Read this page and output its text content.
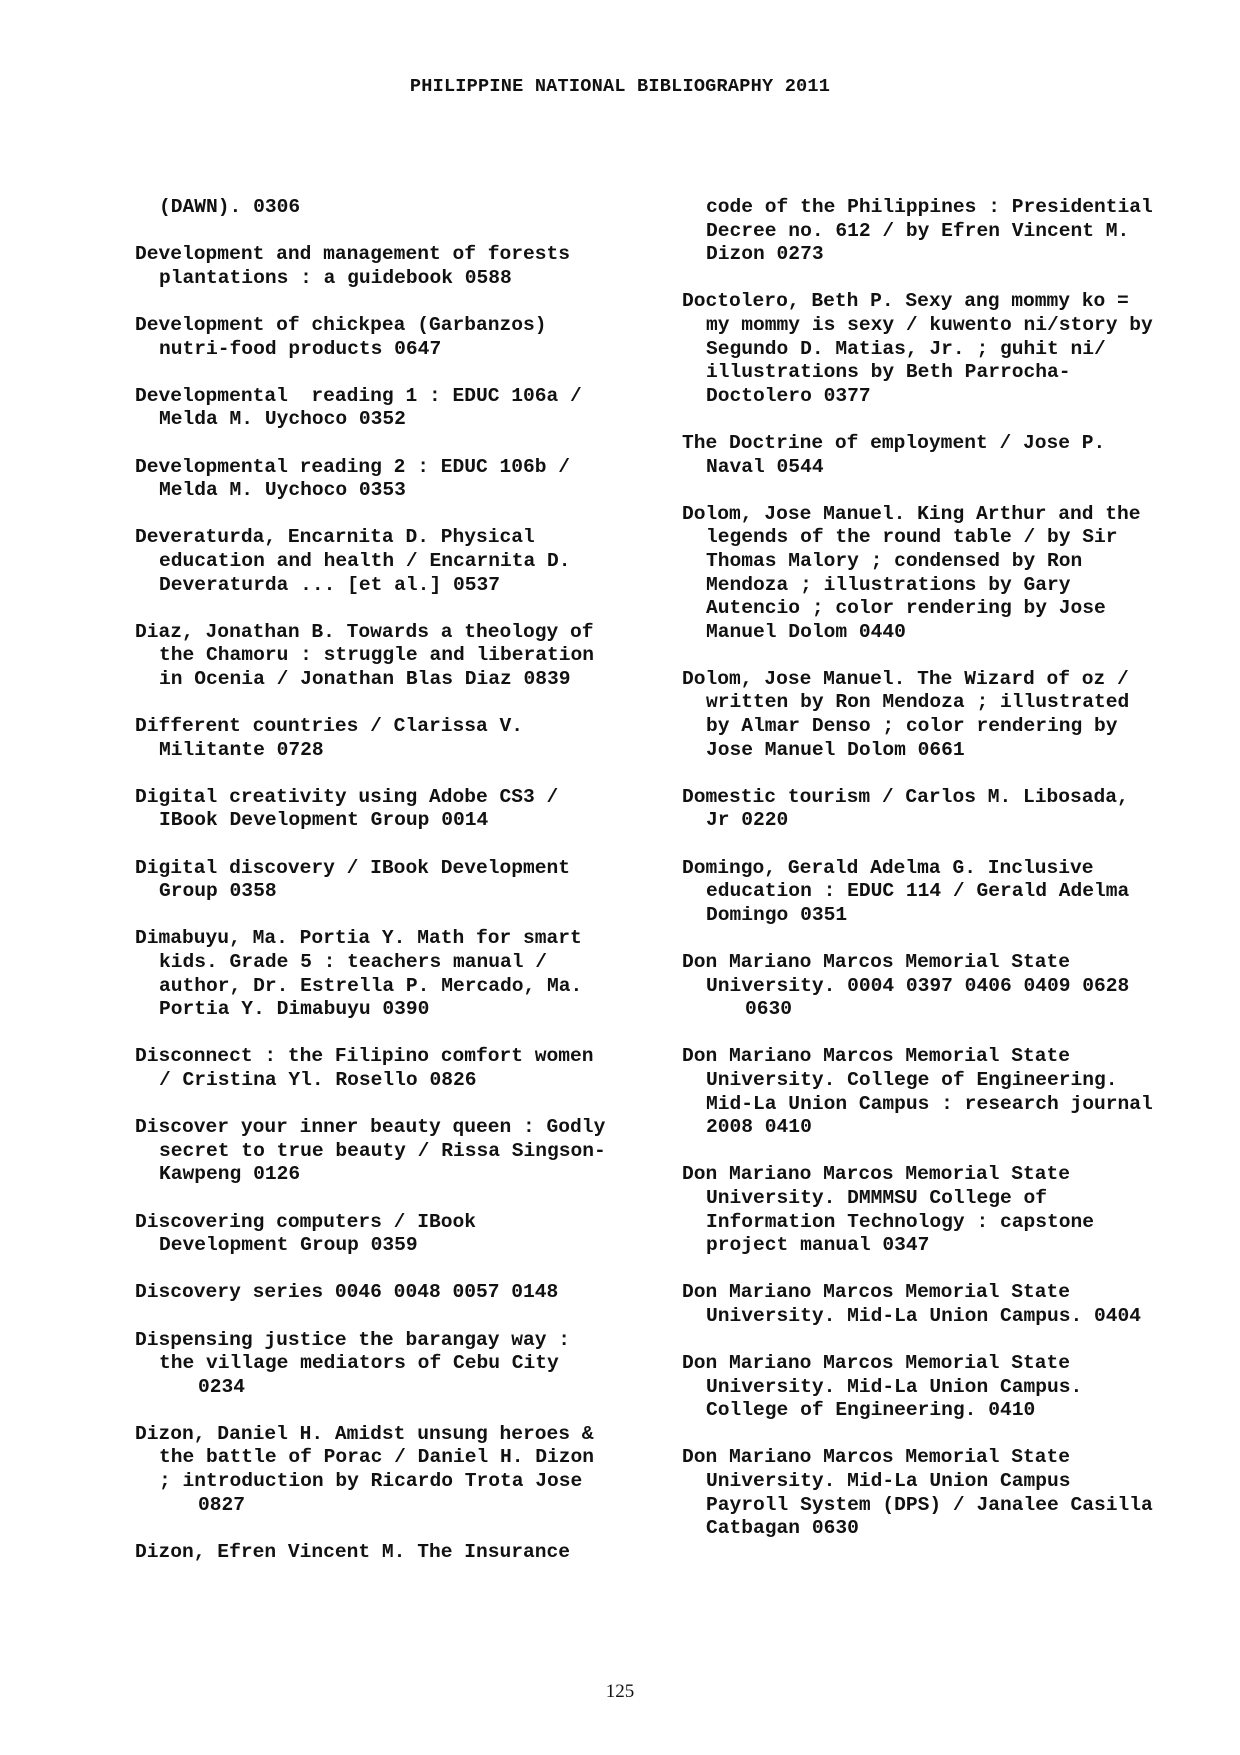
PHILIPPINE NATIONAL BIBLIOGRAPHY 2011
(DAWN). 0306
Development and management of forests
plantations : a guidebook 0588
Development of chickpea (Garbanzos)
nutri-food products 0647
Developmental  reading 1 : EDUC 106a /
Melda M. Uychoco 0352
Developmental reading 2 : EDUC 106b /
Melda M. Uychoco 0353
Deveraturda, Encarnita D. Physical
education and health / Encarnita D.
Deveraturda ... [et al.] 0537
Diaz, Jonathan B. Towards a theology of
the Chamoru : struggle and liberation
in Ocenia / Jonathan Blas Diaz 0839
Different countries / Clarissa V.
Militante 0728
Digital creativity using Adobe CS3 /
IBook Development Group 0014
Digital discovery / IBook Development
Group 0358
Dimabuyu, Ma. Portia Y. Math for smart
kids. Grade 5 : teachers manual /
author, Dr. Estrella P. Mercado, Ma.
Portia Y. Dimabuyu 0390
Disconnect : the Filipino comfort women
/ Cristina Yl. Rosello 0826
Discover your inner beauty queen : Godly
secret to true beauty / Rissa Singson-
Kawpeng 0126
Discovering computers / IBook
Development Group 0359
Discovery series 0046 0048 0057 0148
Dispensing justice the barangay way :
the village mediators of Cebu City
0234
Dizon, Daniel H. Amidst unsung heroes &
the battle of Porac / Daniel H. Dizon
; introduction by Ricardo Trota Jose
0827
Dizon, Efren Vincent M. The Insurance
code of the Philippines : Presidential
Decree no. 612 / by Efren Vincent M.
Dizon 0273
Doctolero, Beth P. Sexy ang mommy ko =
my mommy is sexy / kuwento ni/story by
Segundo D. Matias, Jr. ; guhit ni/
illustrations by Beth Parrocha-
Doctolero 0377
The Doctrine of employment / Jose P.
Naval 0544
Dolom, Jose Manuel. King Arthur and the
legends of the round table / by Sir
Thomas Malory ; condensed by Ron
Mendoza ; illustrations by Gary
Autencio ; color rendering by Jose
Manuel Dolom 0440
Dolom, Jose Manuel. The Wizard of oz /
written by Ron Mendoza ; illustrated
by Almar Denso ; color rendering by
Jose Manuel Dolom 0661
Domestic tourism / Carlos M. Libosada,
Jr 0220
Domingo, Gerald Adelma G. Inclusive
education : EDUC 114 / Gerald Adelma
Domingo 0351
Don Mariano Marcos Memorial State
University. 0004 0397 0406 0409 0628
0630
Don Mariano Marcos Memorial State
University. College of Engineering.
Mid-La Union Campus : research journal
2008 0410
Don Mariano Marcos Memorial State
University. DMMMSU College of
Information Technology : capstone
project manual 0347
Don Mariano Marcos Memorial State
University. Mid-La Union Campus. 0404
Don Mariano Marcos Memorial State
University. Mid-La Union Campus.
College of Engineering. 0410
Don Mariano Marcos Memorial State
University. Mid-La Union Campus
Payroll System (DPS) / Janalee Casilla
Catbagan 0630
125
